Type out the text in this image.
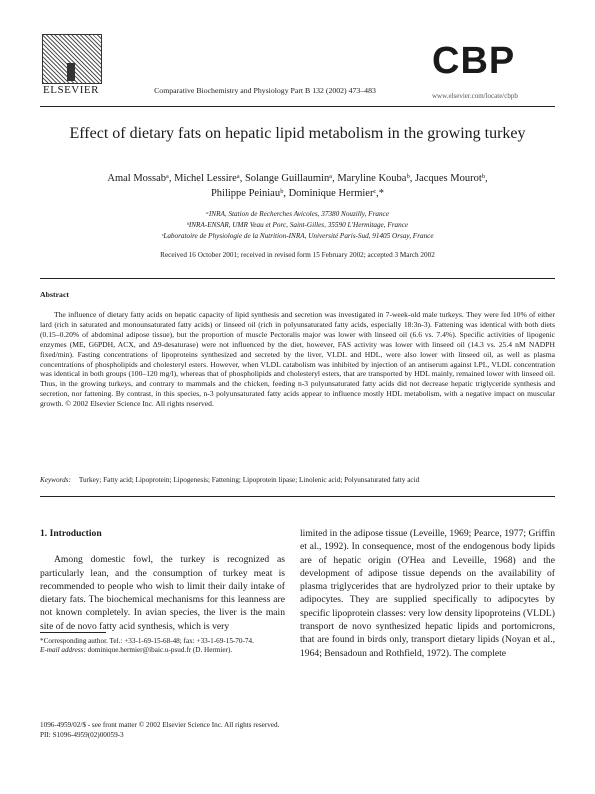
ELSEVIER	Comparative Biochemistry and Physiology Part B 132 (2002) 473–483
CBP
www.elsevier.com/locate/cbpb
Effect of dietary fats on hepatic lipid metabolism in the growing turkey
Amal Mossabᵃ, Michel Lessireᵃ, Solange Guillauminᵃ, Maryline Koubaᵇ, Jacques Mourotᵇ,
Philippe Peiniauᵇ, Dominique Hermierᶜ,*
ᵃINRA, Station de Recherches Avicoles, 37380 Nouzilly, France
ᵇINRA-ENSAR, UMR Veau et Porc, Saint-Gilles, 35590 L'Hermitage, France
ᶜLaboratoire de Physiologie de la Nutrition-INRA, Université Paris-Sud, 91405 Orsay, France
Received 16 October 2001; received in revised form 15 February 2002; accepted 3 March 2002
Abstract
The influence of dietary fatty acids on hepatic capacity of lipid synthesis and secretion was investigated in 7-week-old male turkeys. They were fed 10% of either lard (rich in saturated and monounsaturated fatty acids) or linseed oil (rich in polyunsaturated fatty acids, especially 18:3n-3). Fattening was identical with both diets (0.15–0.20% of abdominal adipose tissue), but the proportion of muscle Pectoralis major was lower with linseed oil (6.6 vs. 7.4%). Specific activities of lipogenic enzymes (ME, G6PDH, ACX, and Δ9-desaturase) were not influenced by the diet, however, FAS activity was lower with linseed oil (14.3 vs. 25.4 nM NADPH fixed/min). Fasting concentrations of lipoproteins synthesized and secreted by the liver, VLDL and HDL, were also lower with linseed oil, as well as plasma concentrations of phospholipids and cholesteryl esters. However, when VLDL catabolism was inhibited by injection of an antiserum against LPL, VLDL concentration was identical in both groups (100–120 mg/l), whereas that of phospholipids and cholesteryl esters, that are transported by HDL mainly, remained lower with linseed oil. Thus, in the growing turkeys, and contrary to mammals and the chicken, feeding n-3 polyunsaturated fatty acids did not decrease hepatic triglyceride synthesis and secretion, nor fattening. By contrast, in this species, n-3 polyunsaturated fatty acids appear to influence mostly HDL metabolism, with a negative impact on muscular growth. © 2002 Elsevier Science Inc. All rights reserved.
Keywords: Turkey; Fatty acid; Lipoprotein; Lipogenesis; Fattening; Lipoprotein lipase; Linolenic acid; Polyunsaturated fatty acid
1. Introduction

Among domestic fowl, the turkey is recognized as particularly lean, and the consumption of turkey meat is recommended to people who wish to limit their daily intake of dietary fats. The biochemical mechanisms for this leanness are not known completely. In avian species, the liver is the main site of de novo fatty acid synthesis, which is very

limited in the adipose tissue (Leveille, 1969; Pearce, 1977; Griffin et al., 1992). In consequence, most of the endogenous body lipids are of hepatic origin (O'Hea and Leveille, 1968) and the development of adipose tissue depends on the availability of plasma triglycerides that are hydrolyzed prior to their uptake by adipocytes. They are supplied specifically to adipocytes by specific lipoprotein classes: very low density lipoproteins (VLDL) transport de novo synthesized hepatic lipids and portomicrons, that are found in birds only, transport dietary lipids (Noyan et al., 1964; Bensadoun and Rothfield, 1972). The complete

*Corresponding author. Tel.: +33-1-69-15-68-48; fax: +33-1-69-15-70-74.
E-mail address: dominique.hermier@ibaic.u-psud.fr (D. Hermier).
1096-4959/02/$ - see front matter © 2002 Elsevier Science Inc. All rights reserved.
PII: S1096-4959(02)00059-3
